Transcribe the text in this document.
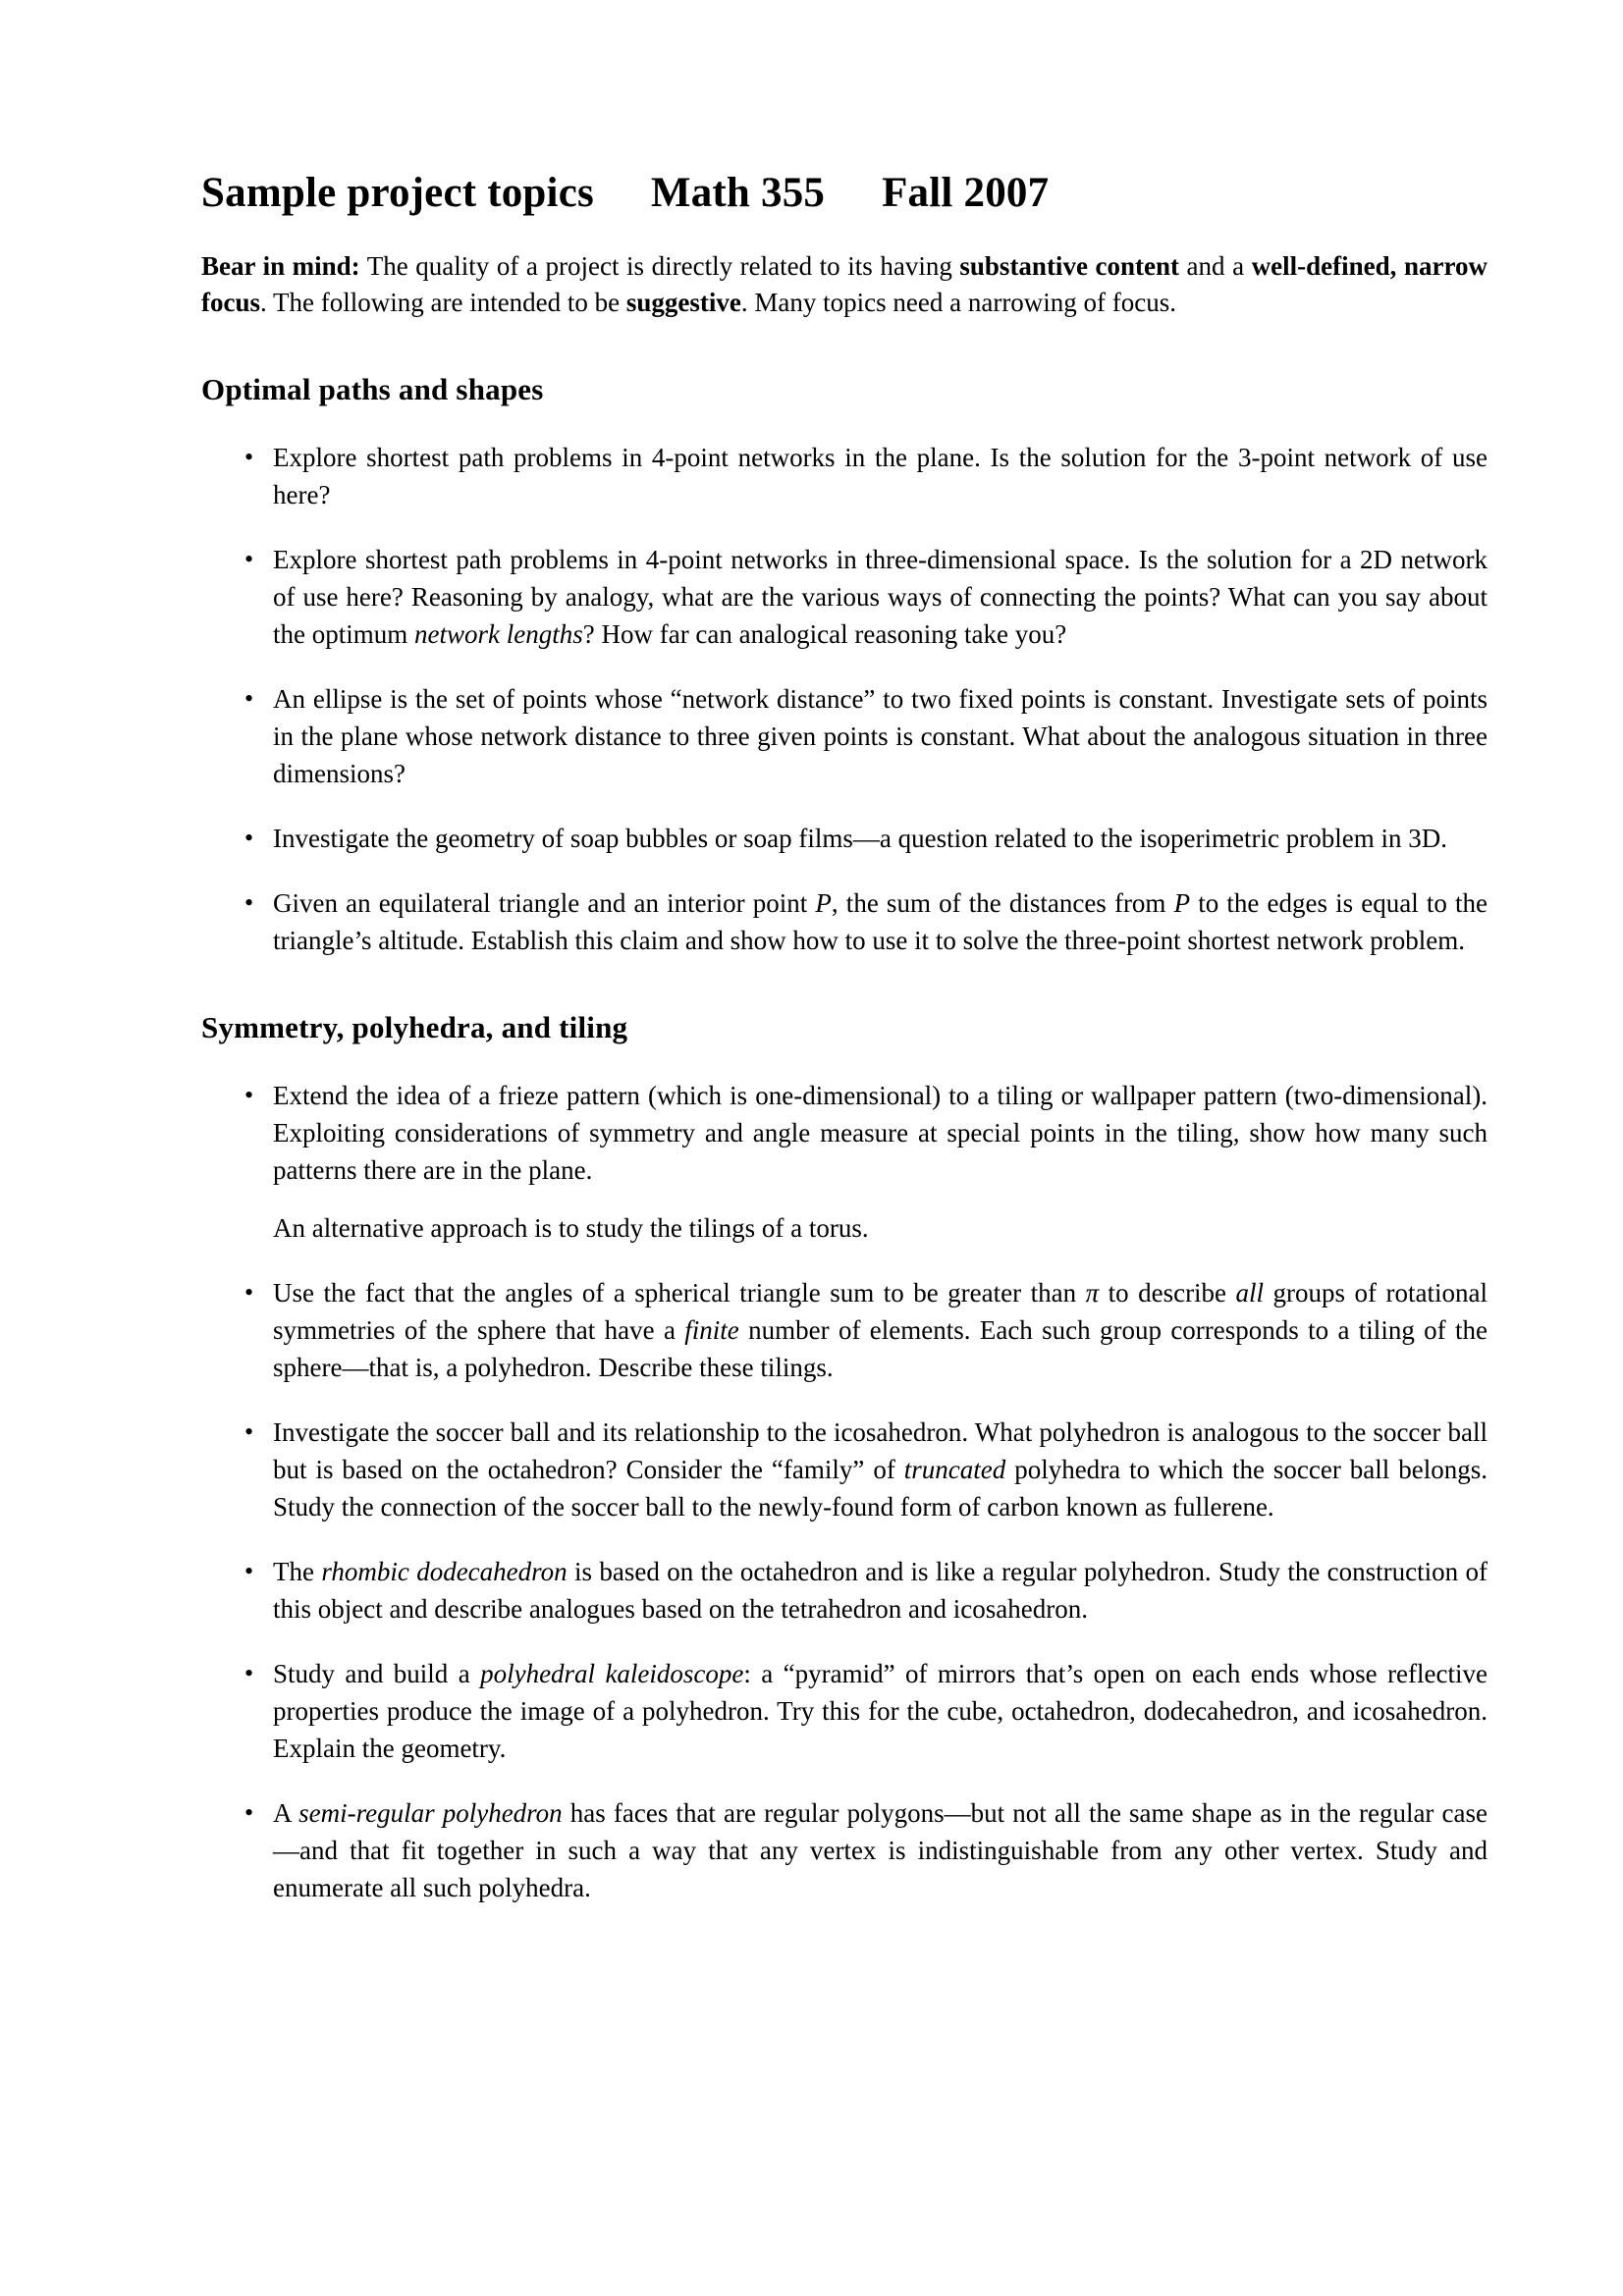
Sample project topics Math 355 Fall 2007

Bear in mind: The quality of a project is directly related to its having substantive content and a well-defined, narrow focus. The following are intended to be suggestive. Many topics need a narrowing of focus.

Optimal paths and shapes
• Explore shortest path problems in 4-point networks in the plane. Is the solution for the 3-point network of use here?
• Explore shortest path problems in 4-point networks in three-dimensional space. Is the solution for a 2D network of use here? Reasoning by analogy, what are the various ways of connecting the points? What can you say about the optimum network lengths? How far can analogical reasoning take you?
• An ellipse is the set of points whose “network distance” to two fixed points is constant. Investigate sets of points in the plane whose network distance to three given points is constant. What about the analogous situation in three dimensions?
• Investigate the geometry of soap bubbles or soap films—a question related to the isoperimetric problem in 3D.
• Given an equilateral triangle and an interior point P, the sum of the distances from P to the edges is equal to the triangle’s altitude. Establish this claim and show how to use it to solve the three-point shortest network problem.
Symmetry, polyhedra, and tiling
• Extend the idea of a frieze pattern (which is one-dimensional) to a tiling or wallpaper pattern (two-dimensional). Exploiting considerations of symmetry and angle measure at special points in the tiling, show how many such patterns there are in the plane.
An alternative approach is to study the tilings of a torus.
• Use the fact that the angles of a spherical triangle sum to be greater than π to describe all groups of rotational symmetries of the sphere that have a finite number of elements. Each such group corresponds to a tiling of the sphere—that is, a polyhedron. Describe these tilings.
• Investigate the soccer ball and its relationship to the icosahedron. What polyhedron is analogous to the soccer ball but is based on the octahedron? Consider the “family” of truncated polyhedra to which the soccer ball belongs. Study the connection of the soccer ball to the newly-found form of carbon known as fullerene.
• The rhombic dodecahedron is based on the octahedron and is like a regular polyhedron. Study the construction of this object and describe analogues based on the tetrahedron and icosahedron.
• Study and build a polyhedral kaleidoscope: a “pyramid” of mirrors that’s open on each ends whose reflective properties produce the image of a polyhedron. Try this for the cube, octahedron, dodecahedron, and icosahedron. Explain the geometry.
• A semi-regular polyhedron has faces that are regular polygons—but not all the same shape as in the regular case—and that fit together in such a way that any vertex is indistinguishable from any other vertex. Study and enumerate all such polyhedra.
